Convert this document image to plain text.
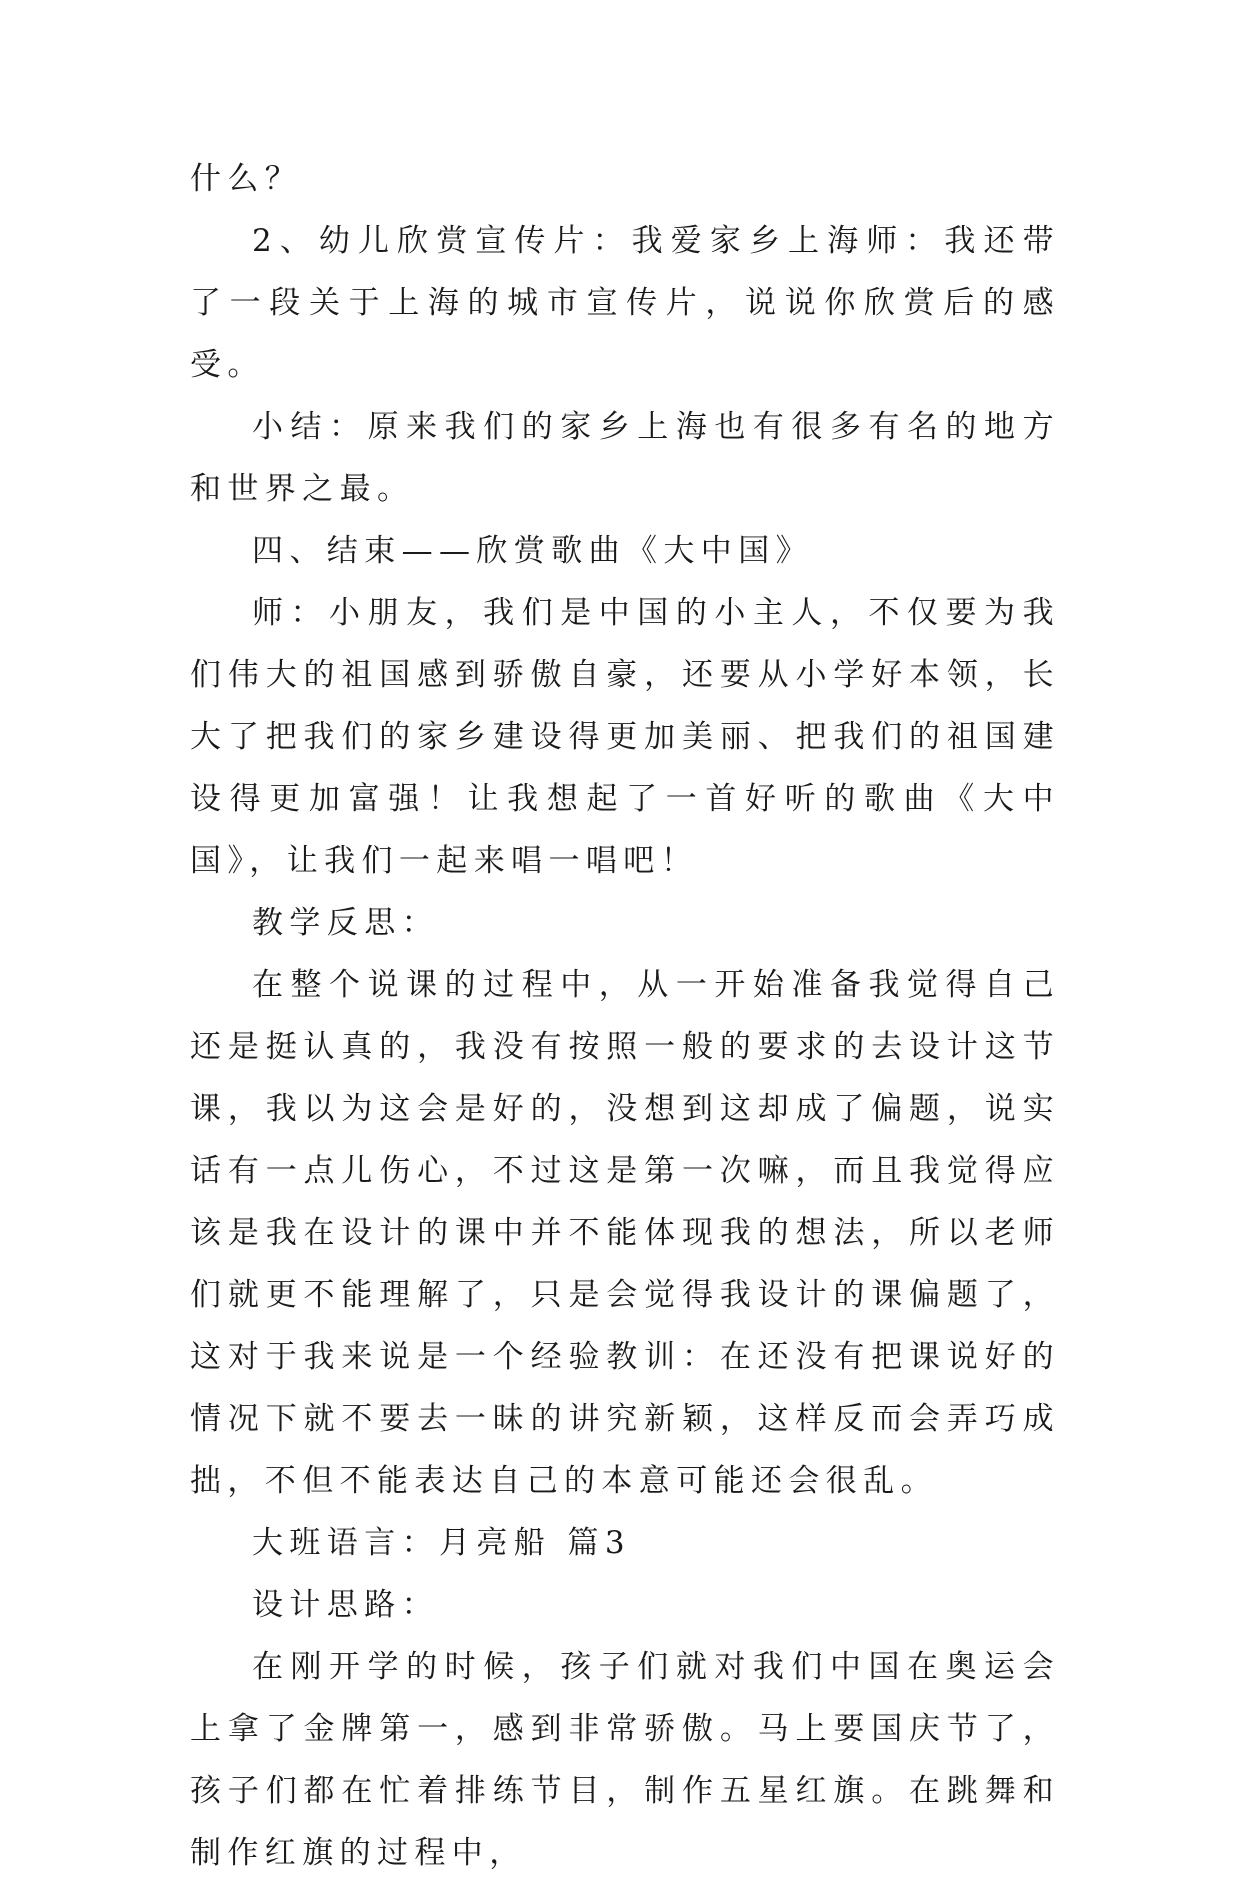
什么？

2、幼儿欣赏宣传片：我爱家乡上海师：我还带了一段关于上海的城市宣传片，说说你欣赏后的感受。

小结：原来我们的家乡上海也有很多有名的地方和世界之最。

四、结束——欣赏歌曲《大中国》

师：小朋友，我们是中国的小主人，不仅要为我们伟大的祖国感到骄傲自豪，还要从小学好本领，长大了把我们的家乡建设得更加美丽、把我们的祖国建设得更加富强！让我想起了一首好听的歌曲《大中国》，让我们一起来唱一唱吧！

教学反思：

在整个说课的过程中，从一开始准备我觉得自己还是挺认真的，我没有按照一般的要求的去设计这节课，我以为这会是好的，没想到这却成了偏题，说实话有一点儿伤心，不过这是第一次嘛，而且我觉得应该是我在设计的课中并不能体现我的想法，所以老师们就更不能理解了，只是会觉得我设计的课偏题了，这对于我来说是一个经验教训：在还没有把课说好的情况下就不要去一昧的讲究新颖，这样反而会弄巧成拙，不但不能表达自己的本意可能还会很乱。

大班语言：月亮船 篇3

设计思路：

在刚开学的时候，孩子们就对我们中国在奥运会上拿了金牌第一，感到非常骄傲。马上要国庆节了，孩子们都在忙着排练节目，制作五星红旗。在跳舞和制作红旗的过程中，
